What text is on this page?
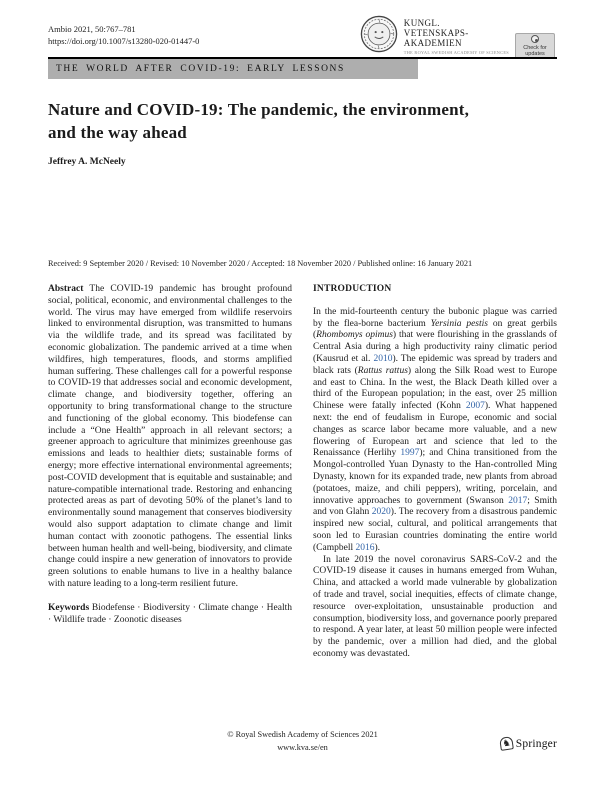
Ambio 2021, 50:767–781
https://doi.org/10.1007/s13280-020-01447-0
KUNGL.
VETENSKAPS-
AKADEMIEN
THE ROYAL SWEDISH ACADEMY OF SCIENCES
Check for
updates
THE WORLD AFTER COVID-19: EARLY LESSONS
Nature and COVID-19: The pandemic, the environment, and the way ahead
Jeffrey A. McNeely
Received: 9 September 2020 / Revised: 10 November 2020 / Accepted: 18 November 2020 / Published online: 16 January 2021

Abstract The COVID-19 pandemic has brought profound social, political, economic, and environmental challenges to the world. The virus may have emerged from wildlife reservoirs linked to environmental disruption, was transmitted to humans via the wildlife trade, and its spread was facilitated by economic globalization. The pandemic arrived at a time when wildfires, high temperatures, floods, and storms amplified human suffering. These challenges call for a powerful response to COVID-19 that addresses social and economic development, climate change, and biodiversity together, offering an opportunity to bring transformational change to the structure and functioning of the global economy. This biodefense can include a “One Health” approach in all relevant sectors; a greener approach to agriculture that minimizes greenhouse gas emissions and leads to healthier diets; sustainable forms of energy; more effective international environmental agreements; post-COVID development that is equitable and sustainable; and nature-compatible international trade. Restoring and enhancing protected areas as part of devoting 50% of the planet’s land to environmentally sound management that conserves biodiversity would also support adaptation to climate change and limit human contact with zoonotic pathogens. The essential links between human health and well-being, biodiversity, and climate change could inspire a new generation of innovators to provide green solutions to enable humans to live in a healthy balance with nature leading to a long-term resilient future.

Keywords Biodefense · Biodiversity · Climate change · Health · Wildlife trade · Zoonotic diseases

INTRODUCTION

In the mid-fourteenth century the bubonic plague was carried by the flea-borne bacterium Yersinia pestis on great gerbils (Rhombomys opimus) that were flourishing in the grasslands of Central Asia during a high productivity rainy climatic period (Kausrud et al. 2010). The epidemic was spread by traders and black rats (Rattus rattus) along the Silk Road west to Europe and east to China. In the west, the Black Death killed over a third of the European population; in the east, over 25 million Chinese were fatally infected (Kohn 2007). What happened next: the end of feudalism in Europe, economic and social changes as scarce labor became more valuable, and a new flowering of European art and science that led to the Renaissance (Herlihy 1997); and China transitioned from the Mongol-controlled Yuan Dynasty to the Han-controlled Ming Dynasty, known for its expanded trade, new plants from abroad (potatoes, maize, and chili peppers), writing, porcelain, and innovative approaches to government (Swanson 2017; Smith and von Glahn 2020). The recovery from a disastrous pandemic inspired new social, cultural, and political arrangements that soon led to Eurasian countries dominating the entire world (Campbell 2016).

In late 2019 the novel coronavirus SARS-CoV-2 and the COVID-19 disease it causes in humans emerged from Wuhan, China, and attacked a world made vulnerable by globalization of trade and travel, social inequities, effects of climate change, resource over-exploitation, unsustainable production and consumption, biodiversity loss, and governance poorly prepared to respond. A year later, at least 50 million people were infected by the pandemic, over a million had died, and the global economy was devastated.

© Royal Swedish Academy of Sciences 2021
www.kva.se/en	♞ Springer
